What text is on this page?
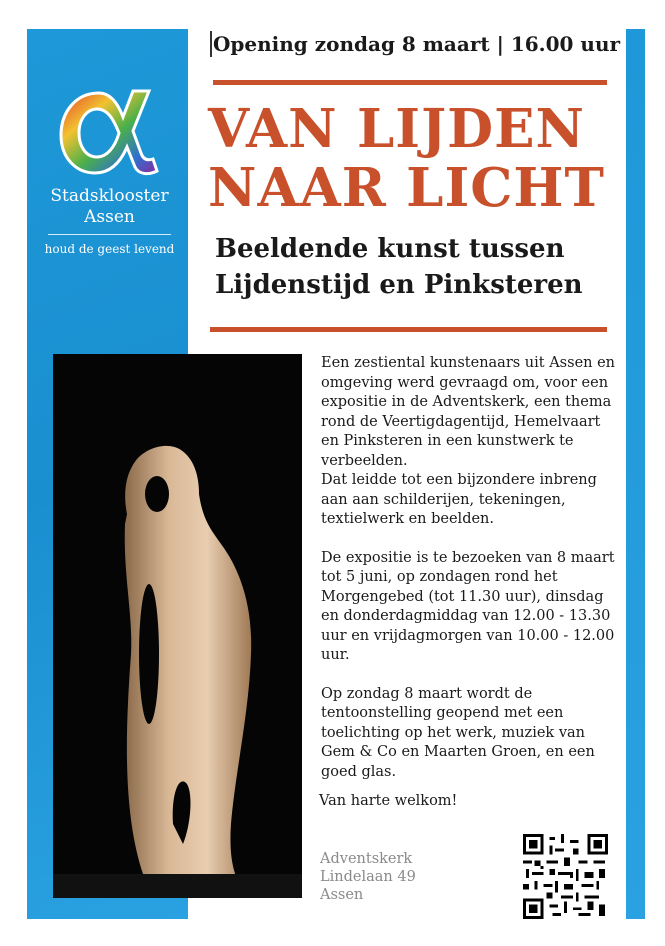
Stadsklooster
Assen
houd de geest levend
Opening zondag 8 maart | 16.00 uur
VAN LIJDEN
NAAR LICHT
Beeldende kunst tussen
Lijdenstijd en Pinksteren

Een zestiental kunstenaars uit Assen en omgeving werd gevraagd om, voor een expositie in de Adventskerk, een thema rond de Veertigdagentijd, Hemelvaart en Pinksteren in een kunstwerk te verbeelden.
Dat leidde tot een bijzondere inbreng aan aan schilderijen, tekeningen, textielwerk en beelden.

De expositie is te bezoeken van 8 maart tot 5 juni, op zondagen rond het Morgengebed (tot 11.30 uur), dinsdag en donderdagmiddag van 12.00 - 13.30 uur en vrijdagmorgen van 10.00 - 12.00 uur.

Op zondag 8 maart wordt de tentoonstelling geopend met een toelichting op het werk, muziek van Gem & Co en Maarten Groen, en een goed glas.

Van harte welkom!
Adventskerk
Lindelaan 49
Assen
